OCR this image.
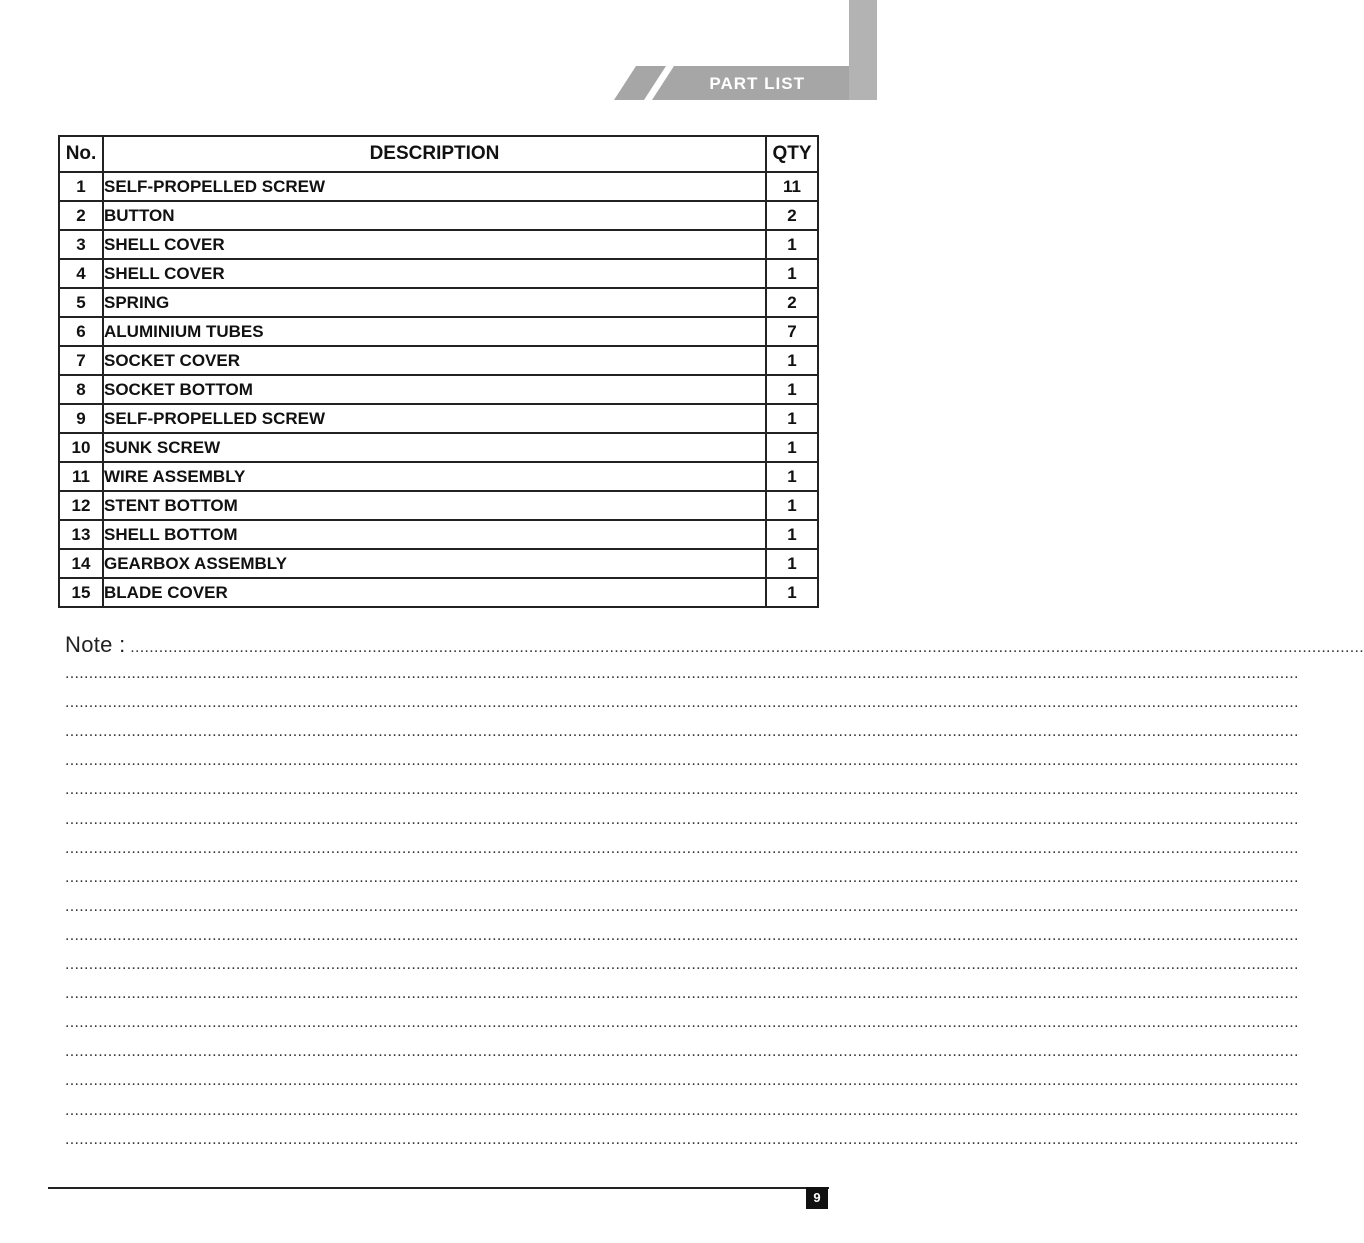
PART LIST
No.	DESCRIPTION	QTY
1	SELF-PROPELLED SCREW	11
2	BUTTON	2
3	SHELL COVER	1
4	SHELL COVER	1
5	SPRING	2
6	ALUMINIUM TUBES	7
7	SOCKET COVER	1
8	SOCKET BOTTOM	1
9	SELF-PROPELLED SCREW	1
10	SUNK SCREW	1
11	WIRE ASSEMBLY	1
12	STENT BOTTOM	1
13	SHELL BOTTOM	1
14	GEARBOX ASSEMBLY	1
15	BLADE COVER	1
Note : ....................................................................................................................................................................................................................................................................
....................................................................................................................................................................................................................................................................
....................................................................................................................................................................................................................................................................
....................................................................................................................................................................................................................................................................
....................................................................................................................................................................................................................................................................
....................................................................................................................................................................................................................................................................
....................................................................................................................................................................................................................................................................
....................................................................................................................................................................................................................................................................
....................................................................................................................................................................................................................................................................
....................................................................................................................................................................................................................................................................
....................................................................................................................................................................................................................................................................
....................................................................................................................................................................................................................................................................
....................................................................................................................................................................................................................................................................
....................................................................................................................................................................................................................................................................
....................................................................................................................................................................................................................................................................
....................................................................................................................................................................................................................................................................
....................................................................................................................................................................................................................................................................
....................................................................................................................................................................................................................................................................
9
